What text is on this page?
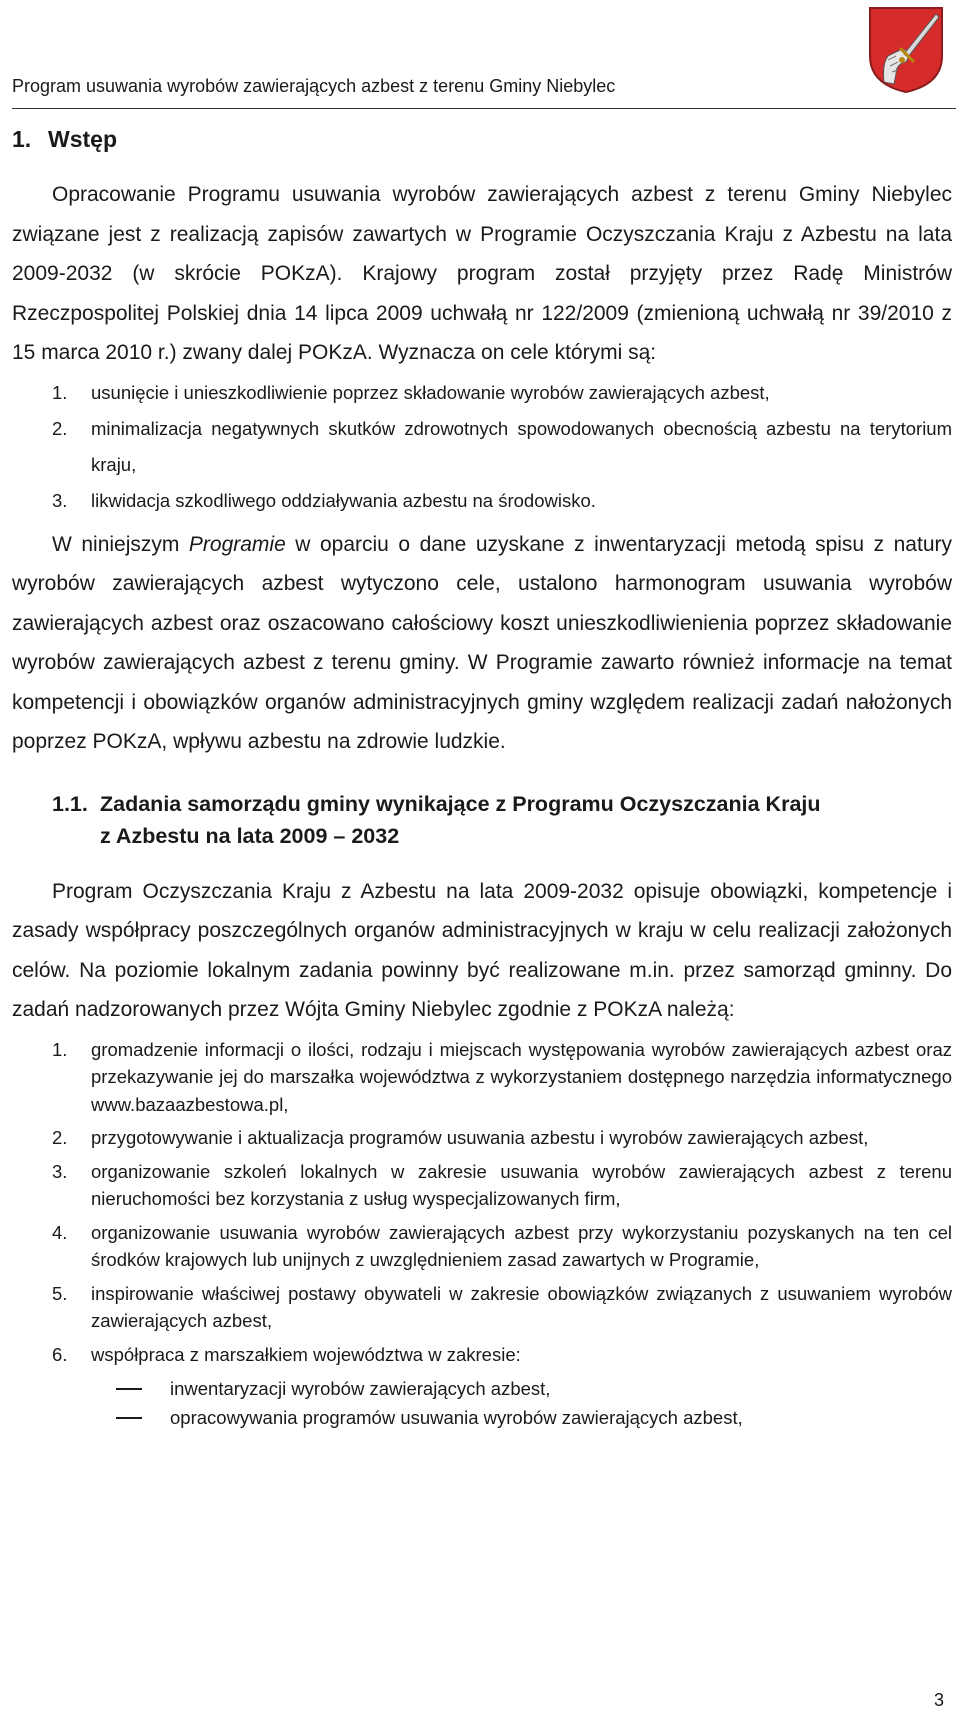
Program usuwania wyrobów zawierających azbest z terenu Gminy Niebylec
1. Wstęp

Opracowanie Programu usuwania wyrobów zawierających azbest z terenu Gminy Niebylec związane jest z realizacją zapisów zawartych w Programie Oczyszczania Kraju z Azbestu na lata 2009-2032 (w skrócie POKzA). Krajowy program został przyjęty przez Radę Ministrów Rzeczpospolitej Polskiej dnia 14 lipca 2009 uchwałą nr 122/2009 (zmienioną uchwałą nr 39/2010 z 15 marca 2010 r.) zwany dalej POKzA. Wyznacza on cele którymi są:

1. usunięcie i unieszkodliwienie poprzez składowanie wyrobów zawierających azbest,
2. minimalizacja negatywnych skutków zdrowotnych spowodowanych obecnością azbestu na terytorium kraju,
3. likwidacja szkodliwego oddziaływania azbestu na środowisko.

W niniejszym Programie w oparciu o dane uzyskane z inwentaryzacji metodą spisu z natury wyrobów zawierających azbest wytyczono cele, ustalono harmonogram usuwania wyrobów zawierających azbest oraz oszacowano całościowy koszt unieszkodliwienienia poprzez składowanie wyrobów zawierających azbest z terenu gminy. W Programie zawarto również informacje na temat kompetencji i obowiązków organów administracyjnych gminy względem realizacji zadań nałożonych poprzez POKzA, wpływu azbestu na zdrowie ludzkie.

1.1. Zadania samorządu gminy wynikające z Programu Oczyszczania Kraju
z Azbestu na lata 2009 – 2032

Program Oczyszczania Kraju z Azbestu na lata 2009-2032 opisuje obowiązki, kompetencje i zasady współpracy poszczególnych organów administracyjnych w kraju w celu realizacji założonych celów. Na poziomie lokalnym zadania powinny być realizowane m.in. przez samorząd gminny. Do zadań nadzorowanych przez Wójta Gminy Niebylec zgodnie z POKzA należą:

1. gromadzenie informacji o ilości, rodzaju i miejscach występowania wyrobów zawierających azbest oraz przekazywanie jej do marszałka województwa z wykorzystaniem dostępnego narzędzia informatycznego www.bazaazbestowa.pl,
2. przygotowywanie i aktualizacja programów usuwania azbestu i wyrobów zawierających azbest,
3. organizowanie szkoleń lokalnych w zakresie usuwania wyrobów zawierających azbest z terenu nieruchomości bez korzystania z usług wyspecjalizowanych firm,
4. organizowanie usuwania wyrobów zawierających azbest przy wykorzystaniu pozyskanych na ten cel środków krajowych lub unijnych z uwzględnieniem zasad zawartych w Programie,
5. inspirowanie właściwej postawy obywateli w zakresie obowiązków związanych z usuwaniem wyrobów zawierających azbest,
6. współpraca z marszałkiem województwa w zakresie:
inwentaryzacji wyrobów zawierających azbest,
opracowywania programów usuwania wyrobów zawierających azbest,
3
